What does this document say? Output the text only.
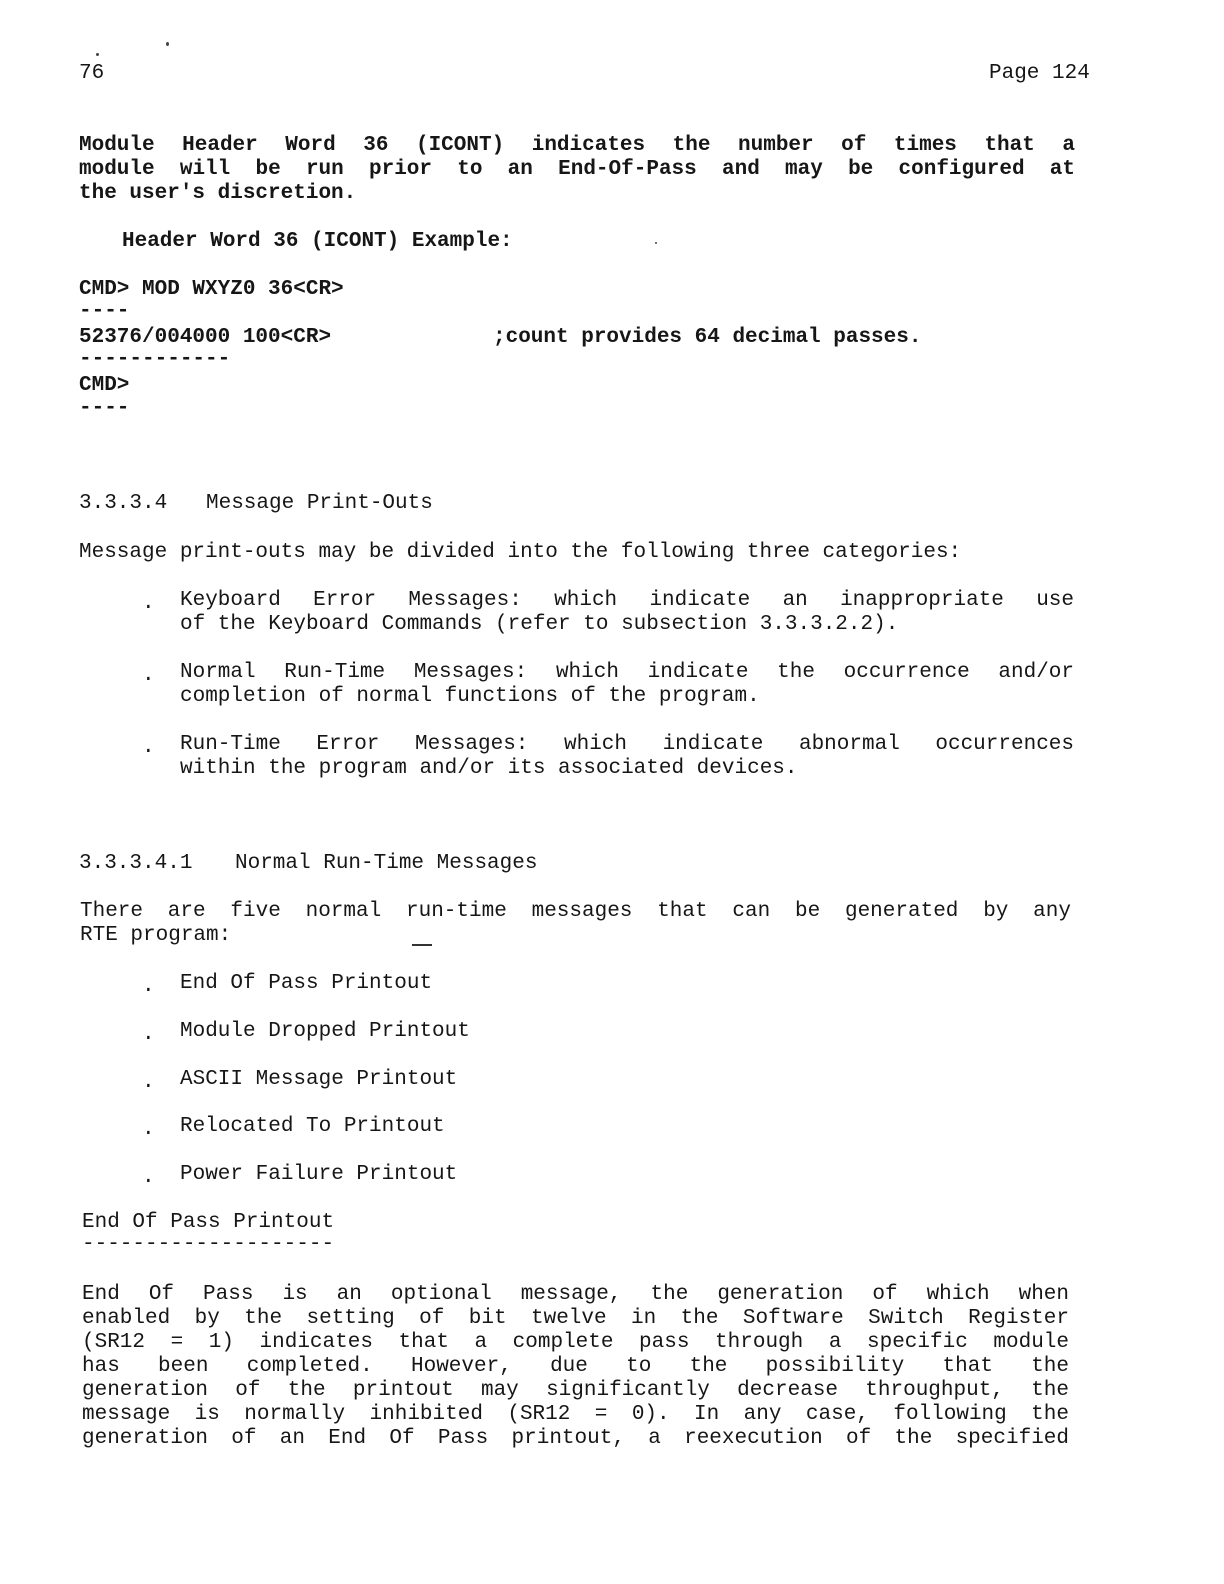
76	Page 124
Module Header Word 36 (ICONT) indicates the number of times that a
module will be run prior to an End-Of-Pass and may be configured at
the user's discretion.
Header Word 36 (ICONT) Example:
CMD> MOD WXYZ0 36<CR>
----
52376/004000 100<CR>	;count provides 64 decimal passes.
------------
CMD>
----
3.3.3.4 Message Print-Outs
Message print-outs may be divided into the following three categories:
. Keyboard Error Messages: which indicate an inappropriate use
of the Keyboard Commands (refer to subsection 3.3.3.2.2).
. Normal Run-Time Messages: which indicate the occurrence and/or
completion of normal functions of the program.
. Run-Time Error Messages: which indicate abnormal occurrences
within the program and/or its associated devices.
3.3.3.4.1 Normal Run-Time Messages
There are five normal run-time messages that can be generated by any
RTE program:
. End Of Pass Printout
. Module Dropped Printout
. ASCII Message Printout
. Relocated To Printout
. Power Failure Printout
End Of Pass Printout
--------------------
End Of Pass is an optional message, the generation of which when
enabled by the setting of bit twelve in the Software Switch Register
(SR12 = 1) indicates that a complete pass through a specific module
has been completed. However, due to the possibility that the
generation of the printout may significantly decrease throughput, the
message is normally inhibited (SR12 = 0). In any case, following the
generation of an End Of Pass printout, a reexecution of the specified
